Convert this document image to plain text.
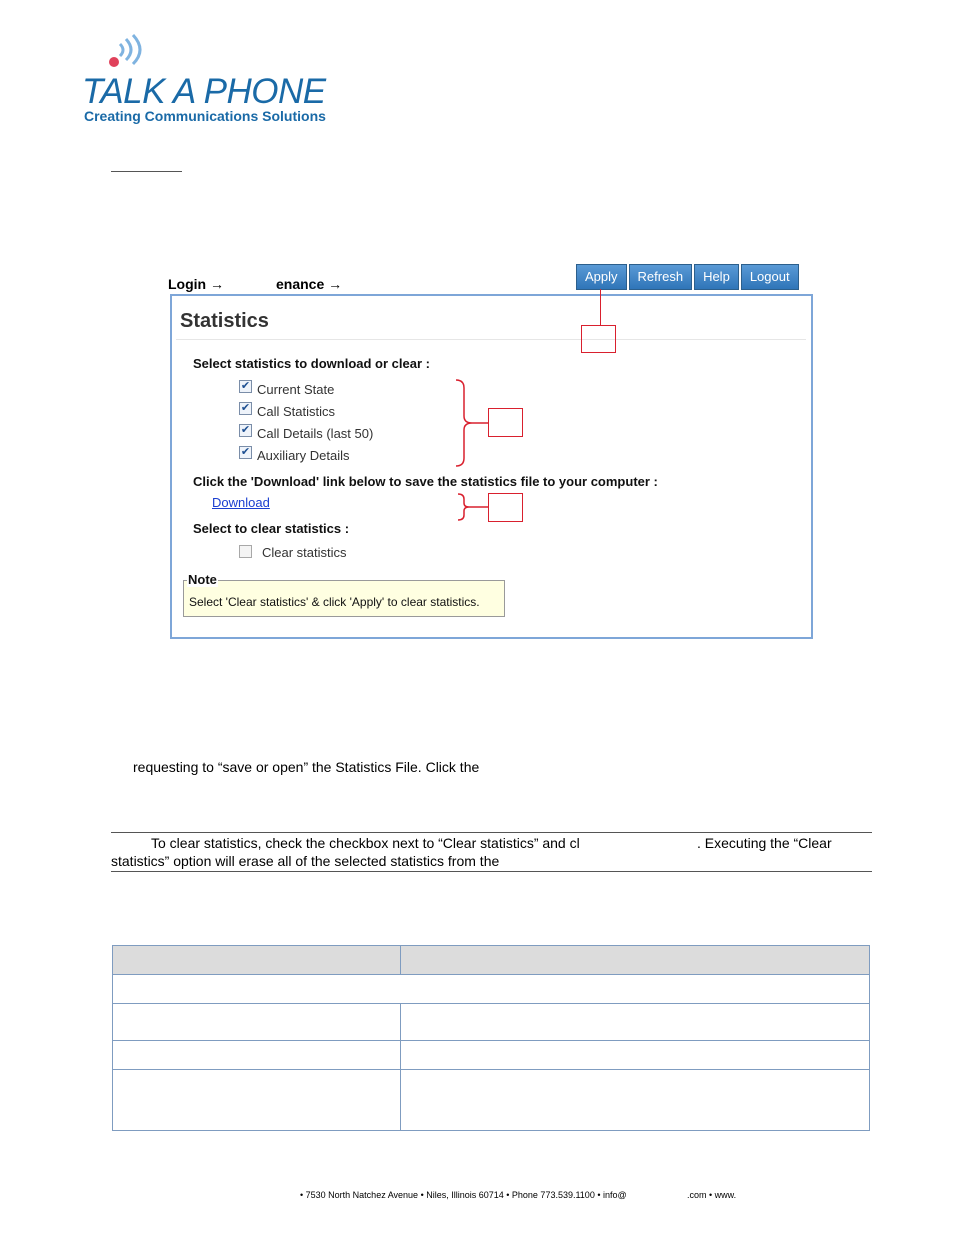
TALK A PHONE
Creating Communications Solutions
Login →	enance →	Apply	Refresh	Help	Logout
Statistics
Select statistics to download or clear :
✔ Current State
✔ Call Statistics
✔ Call Details (last 50)
✔ Auxiliary Details
Click the 'Download' link below to save the statistics file to your computer :
Download
Select to clear statistics :
Clear statistics
Note
Select 'Clear statistics' & click 'Apply' to clear statistics.
requesting to “save or open” the Statistics File. Click the
To clear statistics, check the checkbox next to “Clear statistics” and cl	. Executing the “Clear
statistics” option will erase all of the selected statistics from the
• 7530 North Natchez Avenue • Niles, Illinois 60714 • Phone 773.539.1100 • info@	.com • www.
